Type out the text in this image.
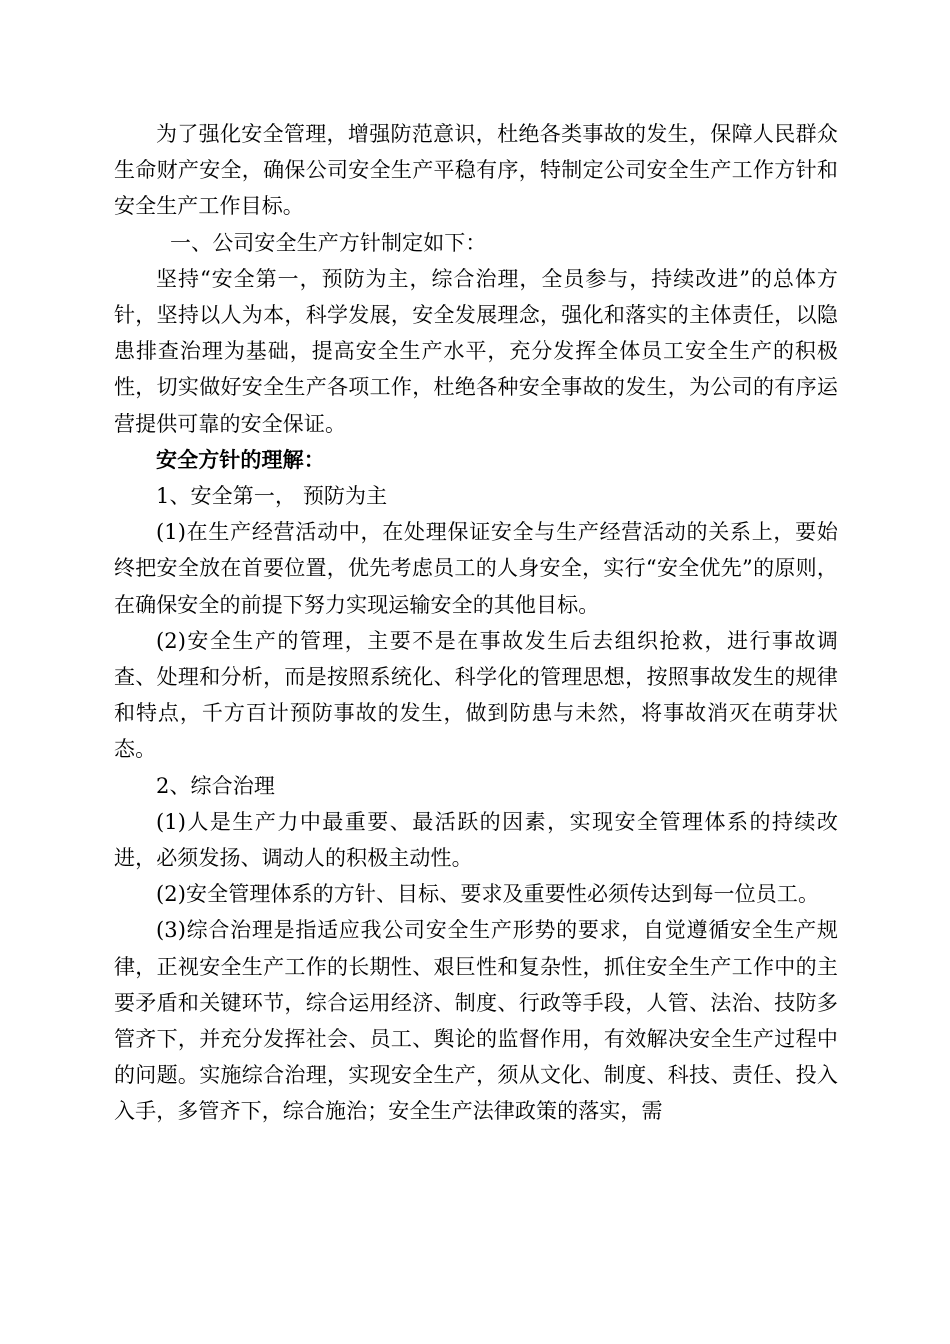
为了强化安全管理，增强防范意识，杜绝各类事故的发生，保障人民群众生命财产安全，确保公司安全生产平稳有序，特制定公司安全生产工作方针和安全生产工作目标。

一、公司安全生产方针制定如下：

坚持“安全第一，预防为主，综合治理，全员参与，持续改进”的总体方针，坚持以人为本，科学发展，安全发展理念，强化和落实的主体责任，以隐患排查治理为基础，提高安全生产水平，充分发挥全体员工安全生产的积极性，切实做好安全生产各项工作，杜绝各种安全事故的发生，为公司的有序运营提供可靠的安全保证。

安全方针的理解：

1、安全第一， 预防为主

(1)在生产经营活动中，在处理保证安全与生产经营活动的关系上，要始终把安全放在首要位置，优先考虑员工的人身安全，实行“安全优先”的原则，在确保安全的前提下努力实现运输安全的其他目标。

(2)安全生产的管理，主要不是在事故发生后去组织抢救，进行事故调查、处理和分析，而是按照系统化、科学化的管理思想，按照事故发生的规律和特点，千方百计预防事故的发生，做到防患与未然，将事故消灭在萌芽状态。

2、综合治理

(1)人是生产力中最重要、最活跃的因素，实现安全管理体系的持续改进，必须发扬、调动人的积极主动性。

(2)安全管理体系的方针、目标、要求及重要性必须传达到每一位员工。

(3)综合治理是指适应我公司安全生产形势的要求，自觉遵循安全生产规律，正视安全生产工作的长期性、艰巨性和复杂性，抓住安全生产工作中的主要矛盾和关键环节，综合运用经济、制度、行政等手段，人管、法治、技防多管齐下，并充分发挥社会、员工、舆论的监督作用，有效解决安全生产过程中的问题。实施综合治理，实现安全生产，须从文化、制度、科技、责任、投入入手，多管齐下，综合施治；安全生产法律政策的落实，需
